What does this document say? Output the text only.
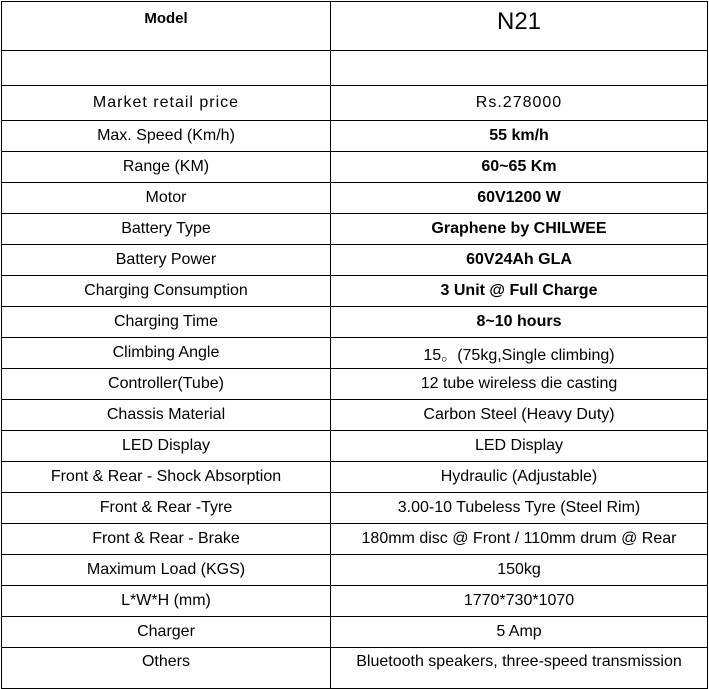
Model	N21

Market retail price	Rs.278000
Max. Speed (Km/h)	55 km/h
Range (KM)	60~65 Km
Motor	60V1200 W
Battery Type	Graphene by CHILWEE
Battery Power	60V24Ah GLA
Charging Consumption	3 Unit @ Full Charge
Charging Time	8~10 hours
Climbing Angle	15。(75kg,Single climbing)
Controller(Tube)	12 tube wireless die casting
Chassis Material	Carbon Steel (Heavy Duty)
LED Display	LED Display
Front & Rear - Shock Absorption	Hydraulic (Adjustable)
Front & Rear -Tyre	3.00-10 Tubeless Tyre (Steel Rim)
Front & Rear - Brake	180mm disc @ Front / 110mm drum @ Rear
Maximum Load (KGS)	150kg
L*W*H (mm)	1770*730*1070
Charger	5 Amp
Others	Bluetooth speakers, three-speed transmission
